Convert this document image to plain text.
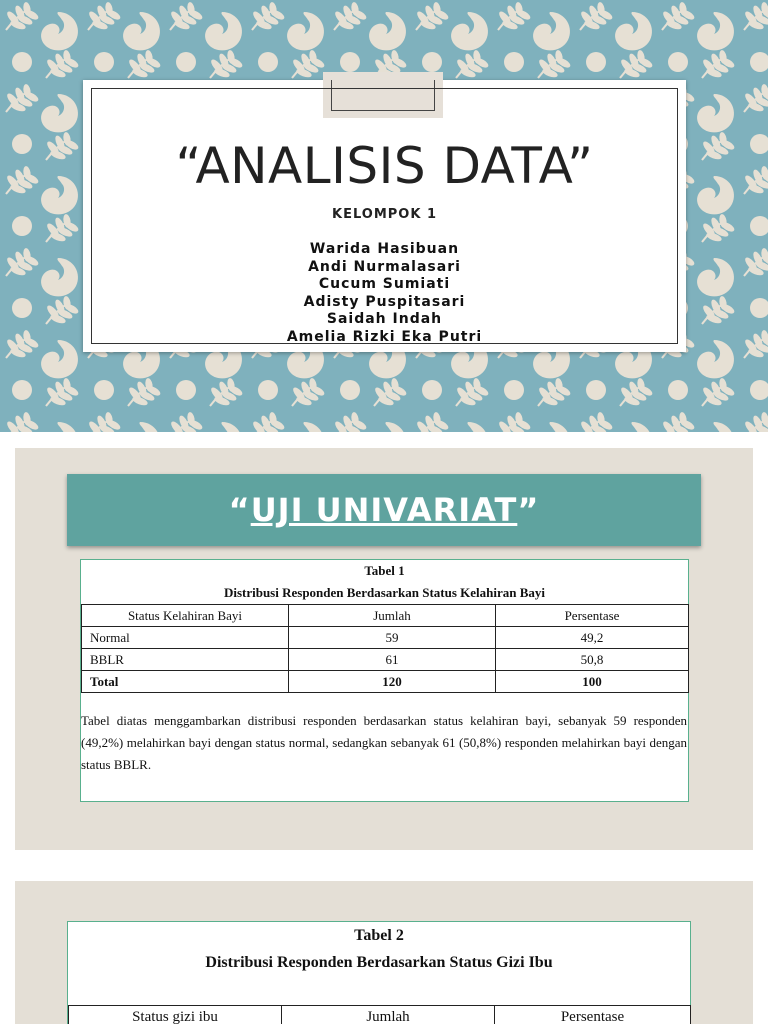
“ANALISIS DATA”
KELOMPOK 1
Warida Hasibuan
Andi Nurmalasari
Cucum Sumiati
Adisty Puspitasari
Saidah Indah
Amelia Rizki Eka Putri
“UJI UNIVARIAT”
Tabel 1
Distribusi Responden Berdasarkan Status Kelahiran Bayi
Status Kelahiran Bayi	Jumlah	Persentase
Normal	59	49,2
BBLR	61	50,8
Total	120	100

Tabel diatas menggambarkan distribusi responden berdasarkan status kelahiran bayi, sebanyak 59 responden (49,2%) melahirkan bayi dengan status normal, sedangkan sebanyak 61 (50,8%) responden melahirkan bayi dengan status BBLR.

Tabel 2
Distribusi Responden Berdasarkan Status Gizi Ibu
Status gizi ibu	Jumlah	Persentase
